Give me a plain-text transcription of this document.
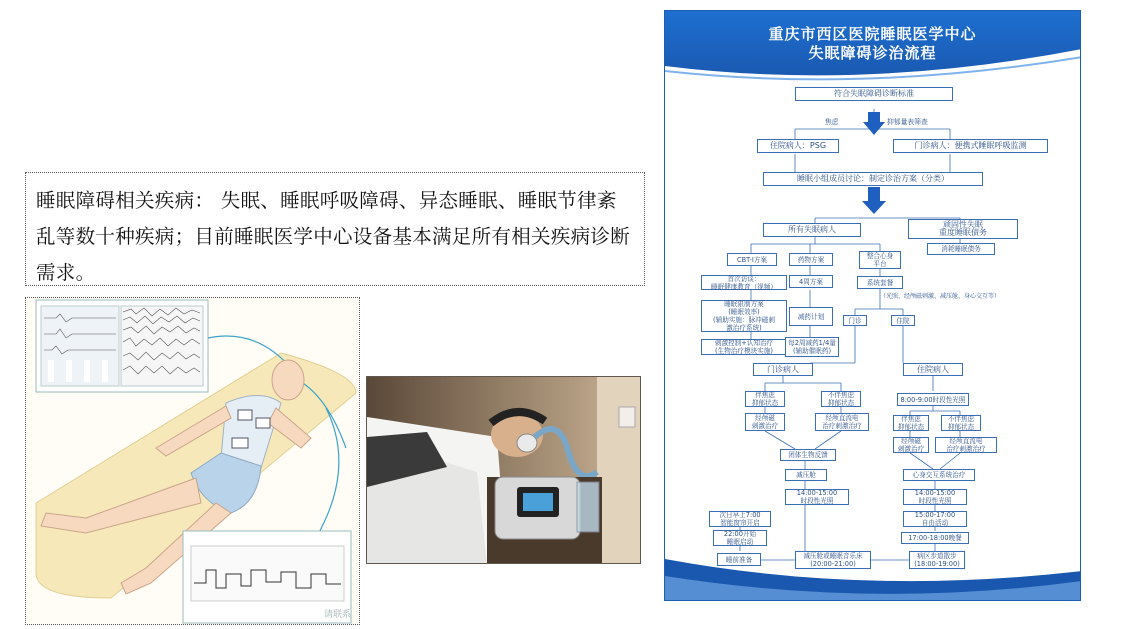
睡眠障碍相关疾病： 失眠、睡眠呼吸障碍、异态睡眠、睡眠节律紊乱等数十种疾病；目前睡眠医学中心设备基本满足所有相关疾病诊断需求。
请联系
重庆市西区医院睡眠医学中心
失眠障碍诊治流程
符合失眠障碍诊断标准
焦虑	抑郁量表筛查
住院病人：PSG	门诊病人：便携式睡眠呼吸监测
睡眠小组成员讨论：制定诊治方案（分类）
所有失眠病人
顽固性失眠
重度睡眠债务
消耗睡眠债务
CBT-I方案	药物方案	整合心身
平台
首次访谈：
睡眠健康教育（视频）
4周方案	系统套餐
（光照、经颅磁刺激、减压舱、身心交互等）
睡眠限制方案
(睡眠效率)
(辅助实施：脉冲磁刺
激治疗系统)
减药计划	门诊	住院
刺激控制+认知治疗
(生物治疗模块实施)
每2周减药1/4量
(辅助催眠药)
门诊病人	住院病人
伴焦虑
抑郁状态
不伴焦虑
抑郁状态	8:00-9:00时段性光照
经颅磁
刺激治疗
经颅直流电
治疗刺激治疗
伴焦虑
抑郁状态
不伴焦虑
抑郁状态
经颅磁
刺激治疗
经颅直流电
治疗刺激治疗
团体生物反馈
减压舱	心身交互系统治疗
14:00-15:00
时段性光照
14:00-15:00
时段性光照
次日早上7:00
智能窗帘开启
15:00-17:00
自由活动
22:00开始
睡眠启动	17:00-18:00晚餐
睡前准备	减压舱或睡眠音乐床
(20:00-21:00)
病区步道散步
(18:00-19:00)
